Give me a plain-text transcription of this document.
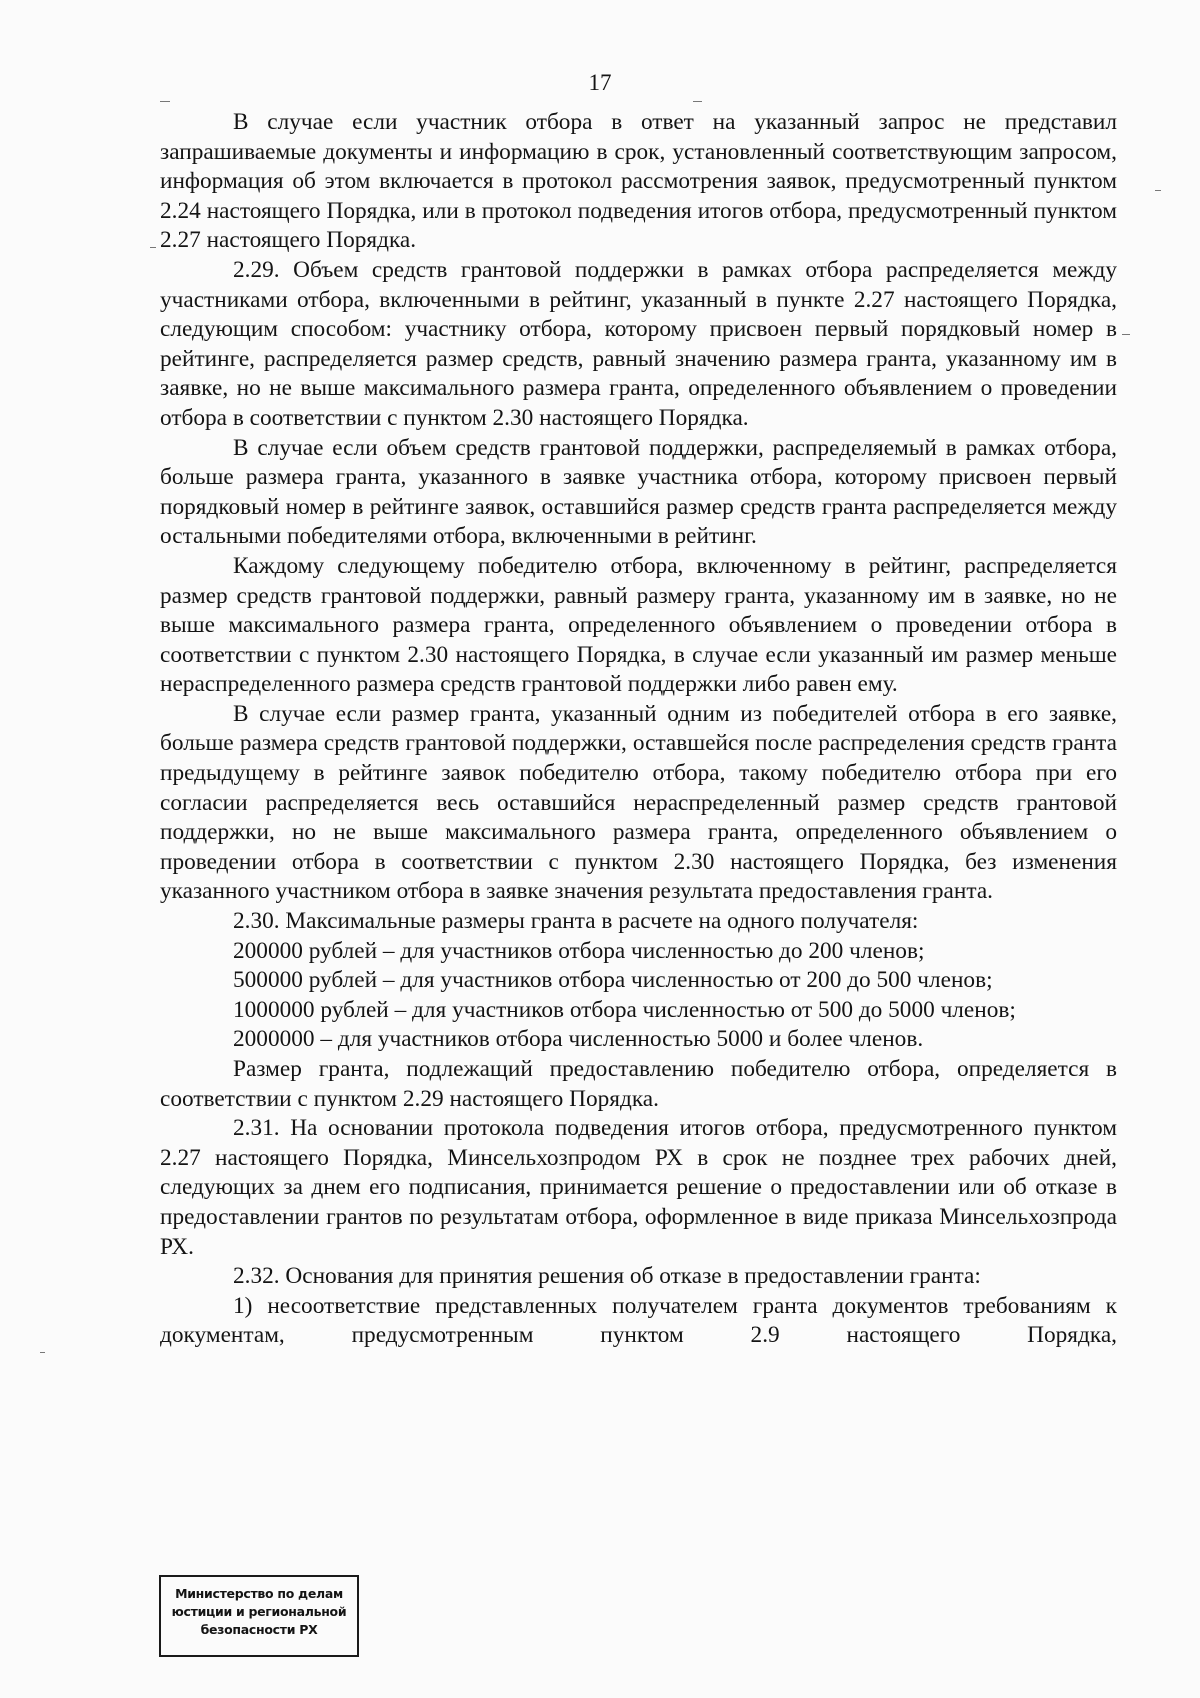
17

В случае если участник отбора в ответ на указанный запрос не представил запрашиваемые документы и информацию в срок, установленный соответствующим запросом, информация об этом включается в протокол рассмотрения заявок, предусмотренный пунктом 2.24 настоящего Порядка, или в протокол подведения итогов отбора, предусмотренный пунктом 2.27 настоящего Порядка.

2.29. Объем средств грантовой поддержки в рамках отбора распределяется между участниками отбора, включенными в рейтинг, указанный в пункте 2.27 настоящего Порядка, следующим способом: участнику отбора, которому присвоен первый порядковый номер в рейтинге, распределяется размер средств, равный значению размера гранта, указанному им в заявке, но не выше максимального размера гранта, определенного объявлением о проведении отбора в соответствии с пунктом 2.30 настоящего Порядка.

В случае если объем средств грантовой поддержки, распределяемый в рамках отбора, больше размера гранта, указанного в заявке участника отбора, которому присвоен первый порядковый номер в рейтинге заявок, оставшийся размер средств гранта распределяется между остальными победителями отбора, включенными в рейтинг.

Каждому следующему победителю отбора, включенному в рейтинг, распределяется размер средств грантовой поддержки, равный размеру гранта, указанному им в заявке, но не выше максимального размера гранта, определенного объявлением о проведении отбора в соответствии с пунктом 2.30 настоящего Порядка, в случае если указанный им размер меньше нераспределенного размера средств грантовой поддержки либо равен ему.

В случае если размер гранта, указанный одним из победителей отбора в его заявке, больше размера средств грантовой поддержки, оставшейся после распределения средств гранта предыдущему в рейтинге заявок победителю отбора, такому победителю отбора при его согласии распределяется весь оставшийся нераспределенный размер средств грантовой поддержки, но не выше максимального размера гранта, определенного объявлением о проведении отбора в соответствии с пунктом 2.30 настоящего Порядка, без изменения указанного участником отбора в заявке значения результата предоставления гранта.

2.30. Максимальные размеры гранта в расчете на одного получателя:

200000 рублей – для участников отбора численностью до 200 членов;

500000 рублей – для участников отбора численностью от 200 до 500 членов;

1000000 рублей – для участников отбора численностью от 500 до 5000 членов;

2000000 – для участников отбора численностью 5000 и более членов.

Размер гранта, подлежащий предоставлению победителю отбора, определяется в соответствии с пунктом 2.29 настоящего Порядка.

2.31. На основании протокола подведения итогов отбора, предусмотренного пунктом 2.27 настоящего Порядка, Минсельхозпродом РХ в срок не позднее трех рабочих дней, следующих за днем его подписания, принимается решение о предоставлении или об отказе в предоставлении грантов по результатам отбора, оформленное в виде приказа Минсельхозпрода РХ.

2.32. Основания для принятия решения об отказе в предоставлении гранта:

1) несоответствие представленных получателем гранта документов требованиям к документам, предусмотренным пунктом 2.9 настоящего Порядка,

Министерство по делам
юстиции и региональной
безопасности РХ
